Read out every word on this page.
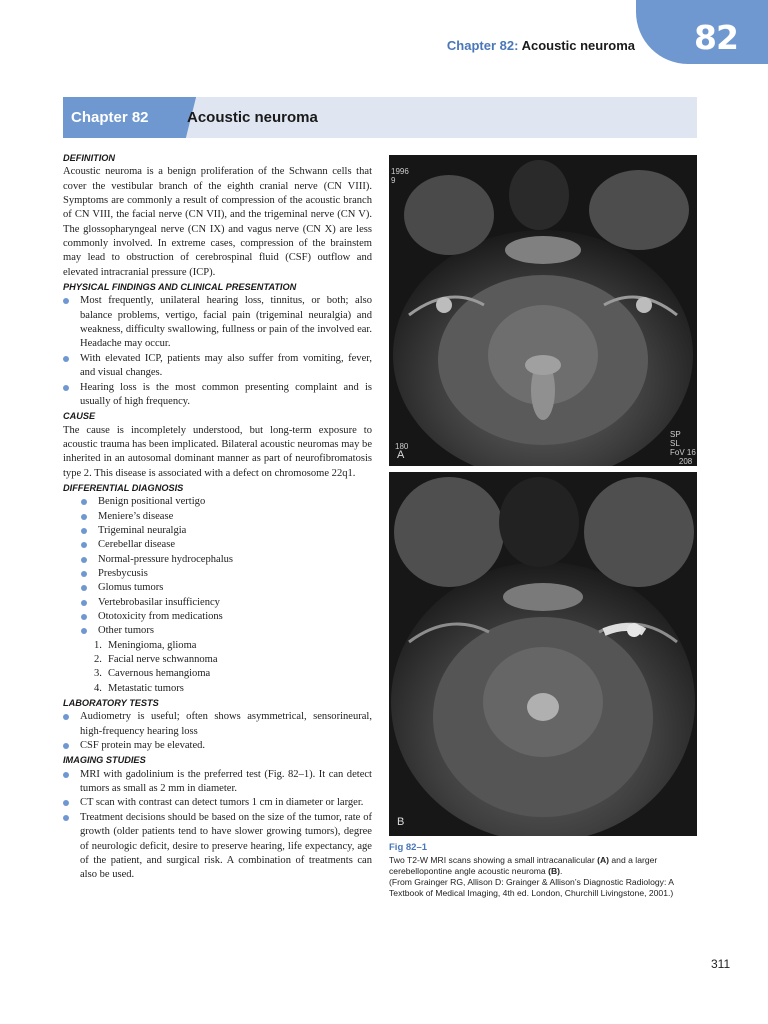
Chapter 82: Acoustic neuroma 82
Chapter 82	Acoustic neuroma
DEFINITION

Acoustic neuroma is a benign proliferation of the Schwann cells that cover the vestibular branch of the eighth cranial nerve (CN VIII). Symptoms are commonly a result of compression of the acoustic branch of CN VIII, the facial nerve (CN VII), and the trigeminal nerve (CN V). The glossopharyngeal nerve (CN IX) and vagus nerve (CN X) are less commonly involved. In extreme cases, compression of the brainstem may lead to obstruction of cerebrospinal fluid (CSF) outflow and elevated intracranial pressure (ICP).

PHYSICAL FINDINGS AND CLINICAL PRESENTATION
Most frequently, unilateral hearing loss, tinnitus, or both; also balance problems, vertigo, facial pain (trigeminal neuralgia) and weakness, difficulty swallowing, fullness or pain of the involved ear. Headache may occur.
With elevated ICP, patients may also suffer from vomiting, fever, and visual changes.
Hearing loss is the most common presenting complaint and is usually of high frequency.
CAUSE

The cause is incompletely understood, but long-term exposure to acoustic trauma has been implicated. Bilateral acoustic neuromas may be inherited in an autosomal dominant manner as part of neurofibromatosis type 2. This disease is associated with a defect on chromosome 22q1.

DIFFERENTIAL DIAGNOSIS
Benign positional vertigo
Meniere’s disease
Trigeminal neuralgia
Cerebellar disease
Normal-pressure hydrocephalus
Presbycusis
Glomus tumors
Vertebrobasilar insufficiency
Ototoxicity from medications
Other tumors
1. Meningioma, glioma
2. Facial nerve schwannoma
3. Cavernous hemangioma
4. Metastatic tumors
LABORATORY TESTS
Audiometry is useful; often shows asymmetrical, sensorineural, high-frequency hearing loss
CSF protein may be elevated.
IMAGING STUDIES
MRI with gadolinium is the preferred test (Fig. 82–1). It can detect tumors as small as 2 mm in diameter.
CT scan with contrast can detect tumors 1 cm in diameter or larger.
Treatment decisions should be based on the size of the tumor, rate of growth (older patients tend to have slower growing tumors), degree of neurologic deficit, desire to preserve hearing, life expectancy, age of the patient, and surgical risk. A combination of treatments can also be used.
1996
9
180
SP
SL
FoV 16
208
A
B
Fig 82–1
Two T2-W MRI scans showing a small intracanalicular (A) and a larger cerebellopontine angle acoustic neuroma (B).
(From Grainger RG, Allison D: Grainger & Allison’s Diagnostic Radiology: A Textbook of Medical Imaging, 4th ed. London, Churchill Livingstone, 2001.)
311
